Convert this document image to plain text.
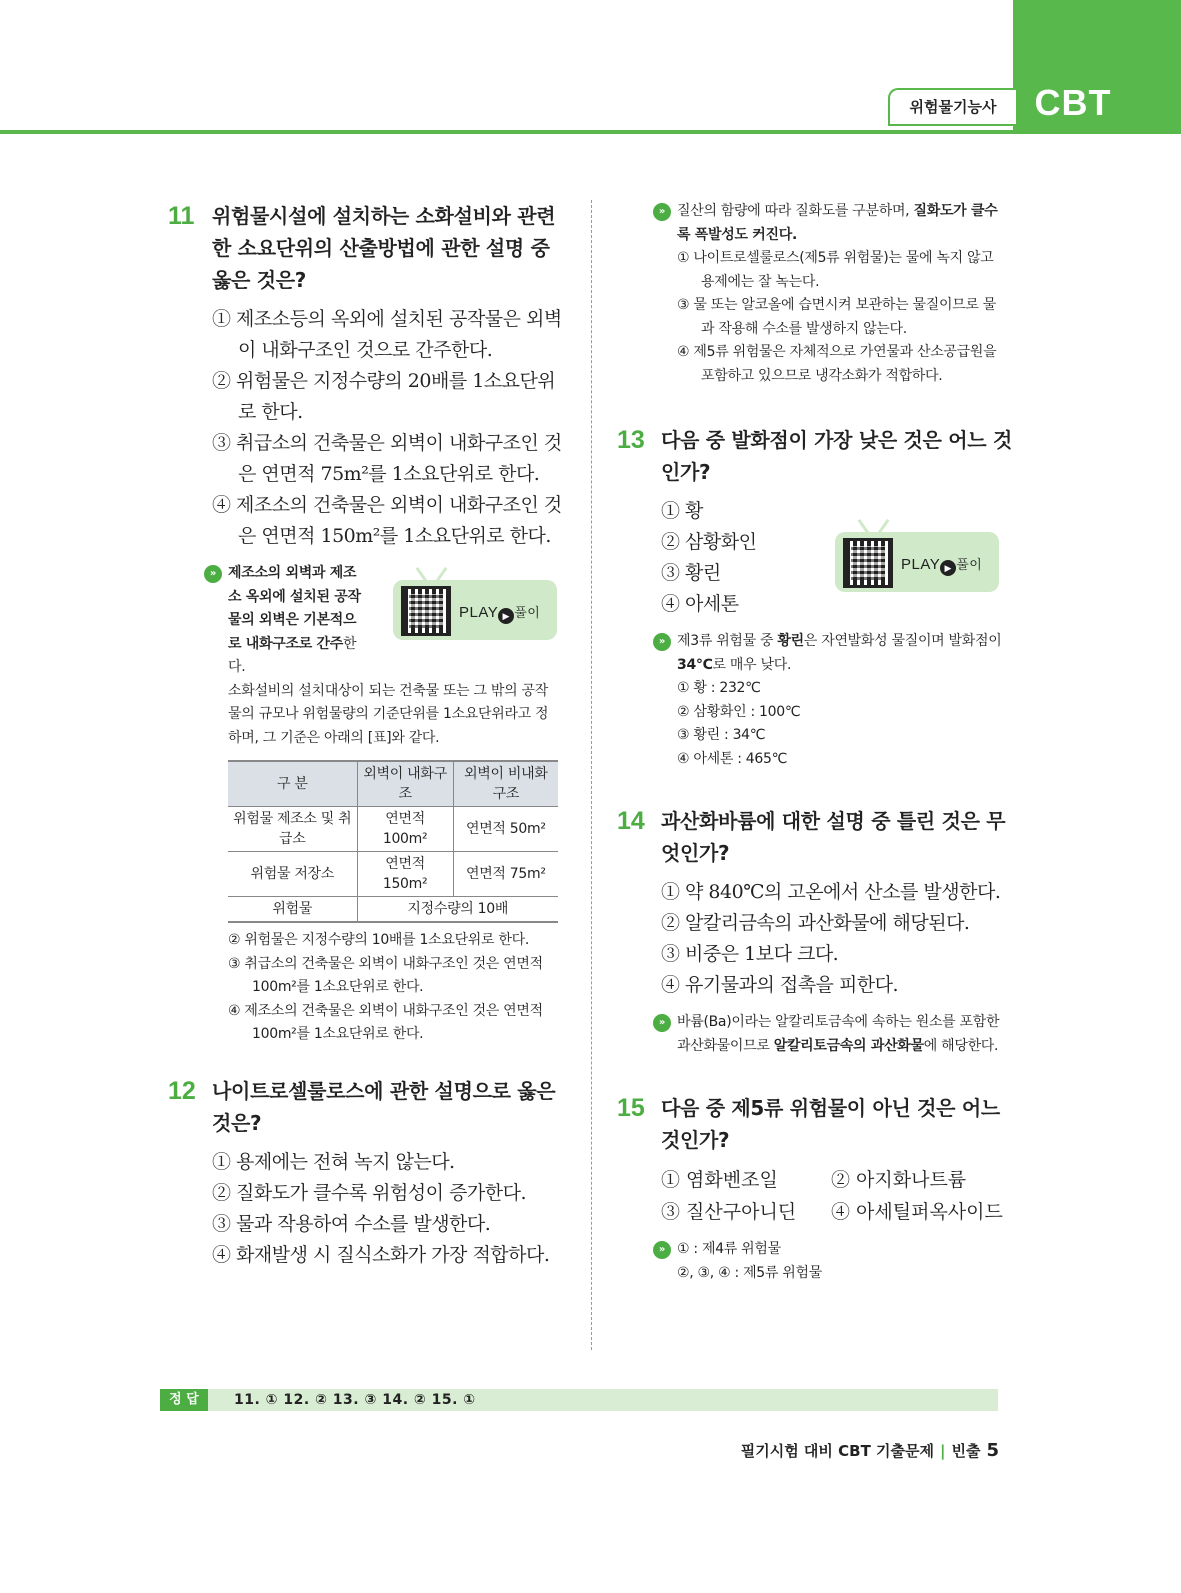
위험물기능사	CBT
11 위험물시설에 설치하는 소화설비와 관련한 소요단위의 산출방법에 관한 설명 중 옳은 것은?
① 제조소등의 옥외에 설치된 공작물은 외벽이 내화구조인 것으로 간주한다.
② 위험물은 지정수량의 20배를 1소요단위로 한다.
③ 취급소의 건축물은 외벽이 내화구조인 것은 연면적 75m²를 1소요단위로 한다.
④ 제조소의 건축물은 외벽이 내화구조인 것은 연면적 150m²를 1소요단위로 한다.
PLAY ▶ 풀이
» 제조소의 외벽과 제조소 옥외에 설치된 공작물의 외벽은 기본적으로 내화구조로 간주한다.
소화설비의 설치대상이 되는 건축물 또는 그 밖의 공작물의 규모나 위험물량의 기준단위를 1소요단위라고 정하며, 그 기준은 아래의 [표]와 같다.
구 분	외벽이 내화구조	외벽이 비내화구조
위험물 제조소 및 취급소	연면적 100m²	연면적 50m²
위험물 저장소	연면적 150m²	연면적 75m²
위험물	지정수량의 10배	
② 위험물은 지정수량의 10배를 1소요단위로 한다.
③ 취급소의 건축물은 외벽이 내화구조인 것은 연면적 100m²를 1소요단위로 한다.
④ 제조소의 건축물은 외벽이 내화구조인 것은 연면적 100m²를 1소요단위로 한다.
12 나이트로셀룰로스에 관한 설명으로 옳은 것은?
① 용제에는 전혀 녹지 않는다.
② 질화도가 클수록 위험성이 증가한다.
③ 물과 작용하여 수소를 발생한다.
④ 화재발생 시 질식소화가 가장 적합하다.
» 질산의 함량에 따라 질화도를 구분하며, 질화도가 클수록 폭발성도 커진다.
① 나이트로셀룰로스(제5류 위험물)는 물에 녹지 않고 용제에는 잘 녹는다.
③ 물 또는 알코올에 습면시켜 보관하는 물질이므로 물과 작용해 수소를 발생하지 않는다.
④ 제5류 위험물은 자체적으로 가연물과 산소공급원을 포함하고 있으므로 냉각소화가 적합하다.
13 다음 중 발화점이 가장 낮은 것은 어느 것인가?
① 황
② 삼황화인
③ 황린
④ 아세톤
PLAY ▶ 풀이
» 제3류 위험물 중 황린은 자연발화성 물질이며 발화점이 34℃로 매우 낮다.
① 황 : 232℃
② 삼황화인 : 100℃
③ 황린 : 34℃
④ 아세톤 : 465℃
14 과산화바륨에 대한 설명 중 틀린 것은 무엇인가?
① 약 840℃의 고온에서 산소를 발생한다.
② 알칼리금속의 과산화물에 해당된다.
③ 비중은 1보다 크다.
④ 유기물과의 접촉을 피한다.
» 바륨(Ba)이라는 알칼리토금속에 속하는 원소를 포함한 과산화물이므로 알칼리토금속의 과산화물에 해당한다.
15 다음 중 제5류 위험물이 아닌 것은 어느 것인가?
① 염화벤조일	② 아지화나트륨
③ 질산구아니딘	④ 아세틸퍼옥사이드
» ① : 제4류 위험물
②, ③, ④ : 제5류 위험물
정 답	11. ① 12. ② 13. ③ 14. ② 15. ①
필기시험 대비 CBT 기출문제 | 빈출 5
